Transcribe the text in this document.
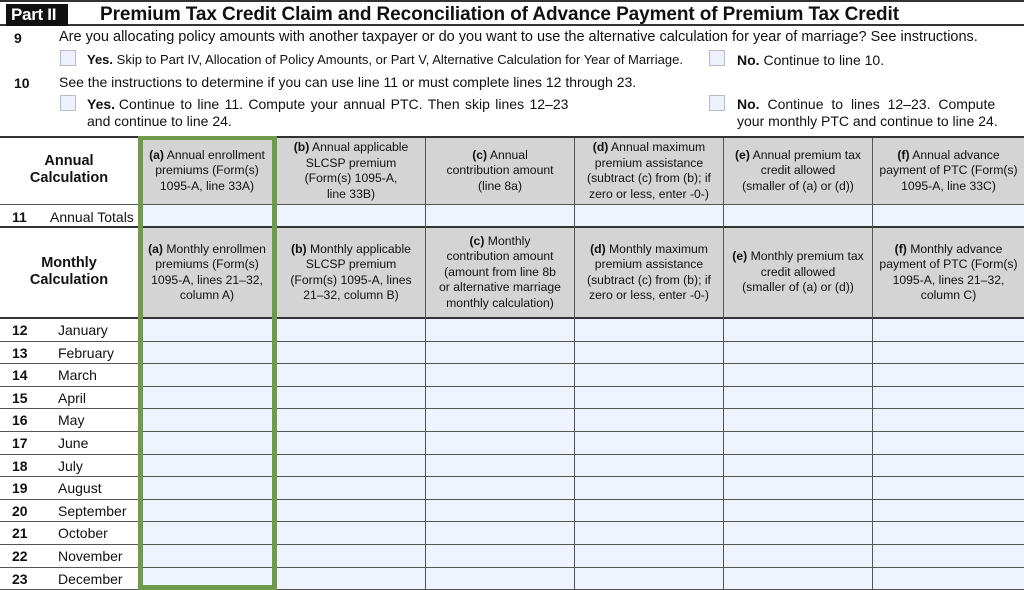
Part II	Premium Tax Credit Claim and Reconciliation of Advance Payment of Premium Tax Credit
9	Are you allocating policy amounts with another taxpayer or do you want to use the alternative calculation for year of marriage? See instructions.
Yes. Skip to Part IV, Allocation of Policy Amounts, or Part V, Alternative Calculation for Year of Marriage.	No. Continue to line 10.
10 See the instructions to determine if you can use line 11 or must complete lines 12 through 23.
Yes. Continue to line 11. Compute your annual PTC. Then skip lines 12–23
and continue to line 24.
No. Continue to lines 12–23. Compute
your monthly PTC and continue to line 24.
Annual
Calculation
(a) Annual enrollment
premiums (Form(s)
1095-A, line 33A)
(b) Annual applicable
SLCSP premium
(Form(s) 1095-A,
line 33B)
(c) Annual
contribution amount
(line 8a)
(d) Annual maximum
premium assistance
(subtract (c) from (b); if
zero or less, enter -0-)
(e) Annual premium tax
credit allowed
(smaller of (a) or (d))
(f) Annual advance
payment of PTC (Form(s)
1095-A, line 33C)
11 Annual Totals
Monthly
Calculation
(a) Monthly enrollmen
premiums (Form(s)
1095-A, lines 21–32,
column A)
(b) Monthly applicable
SLCSP premium
(Form(s) 1095-A, lines
21–32, column B)
(c) Monthly
contribution amount
(amount from line 8b
or alternative marriage
monthly calculation)
(d) Monthly maximum
premium assistance
(subtract (c) from (b); if
zero or less, enter -0-)
(e) Monthly premium tax
credit allowed
(smaller of (a) or (d))
(f) Monthly advance
payment of PTC (Form(s)
1095-A, lines 21–32,
column C)
12 January
13 February
14 March
15 April
16 May
17 June
18 July
19 August
20 September
21 October
22 November
23 December
